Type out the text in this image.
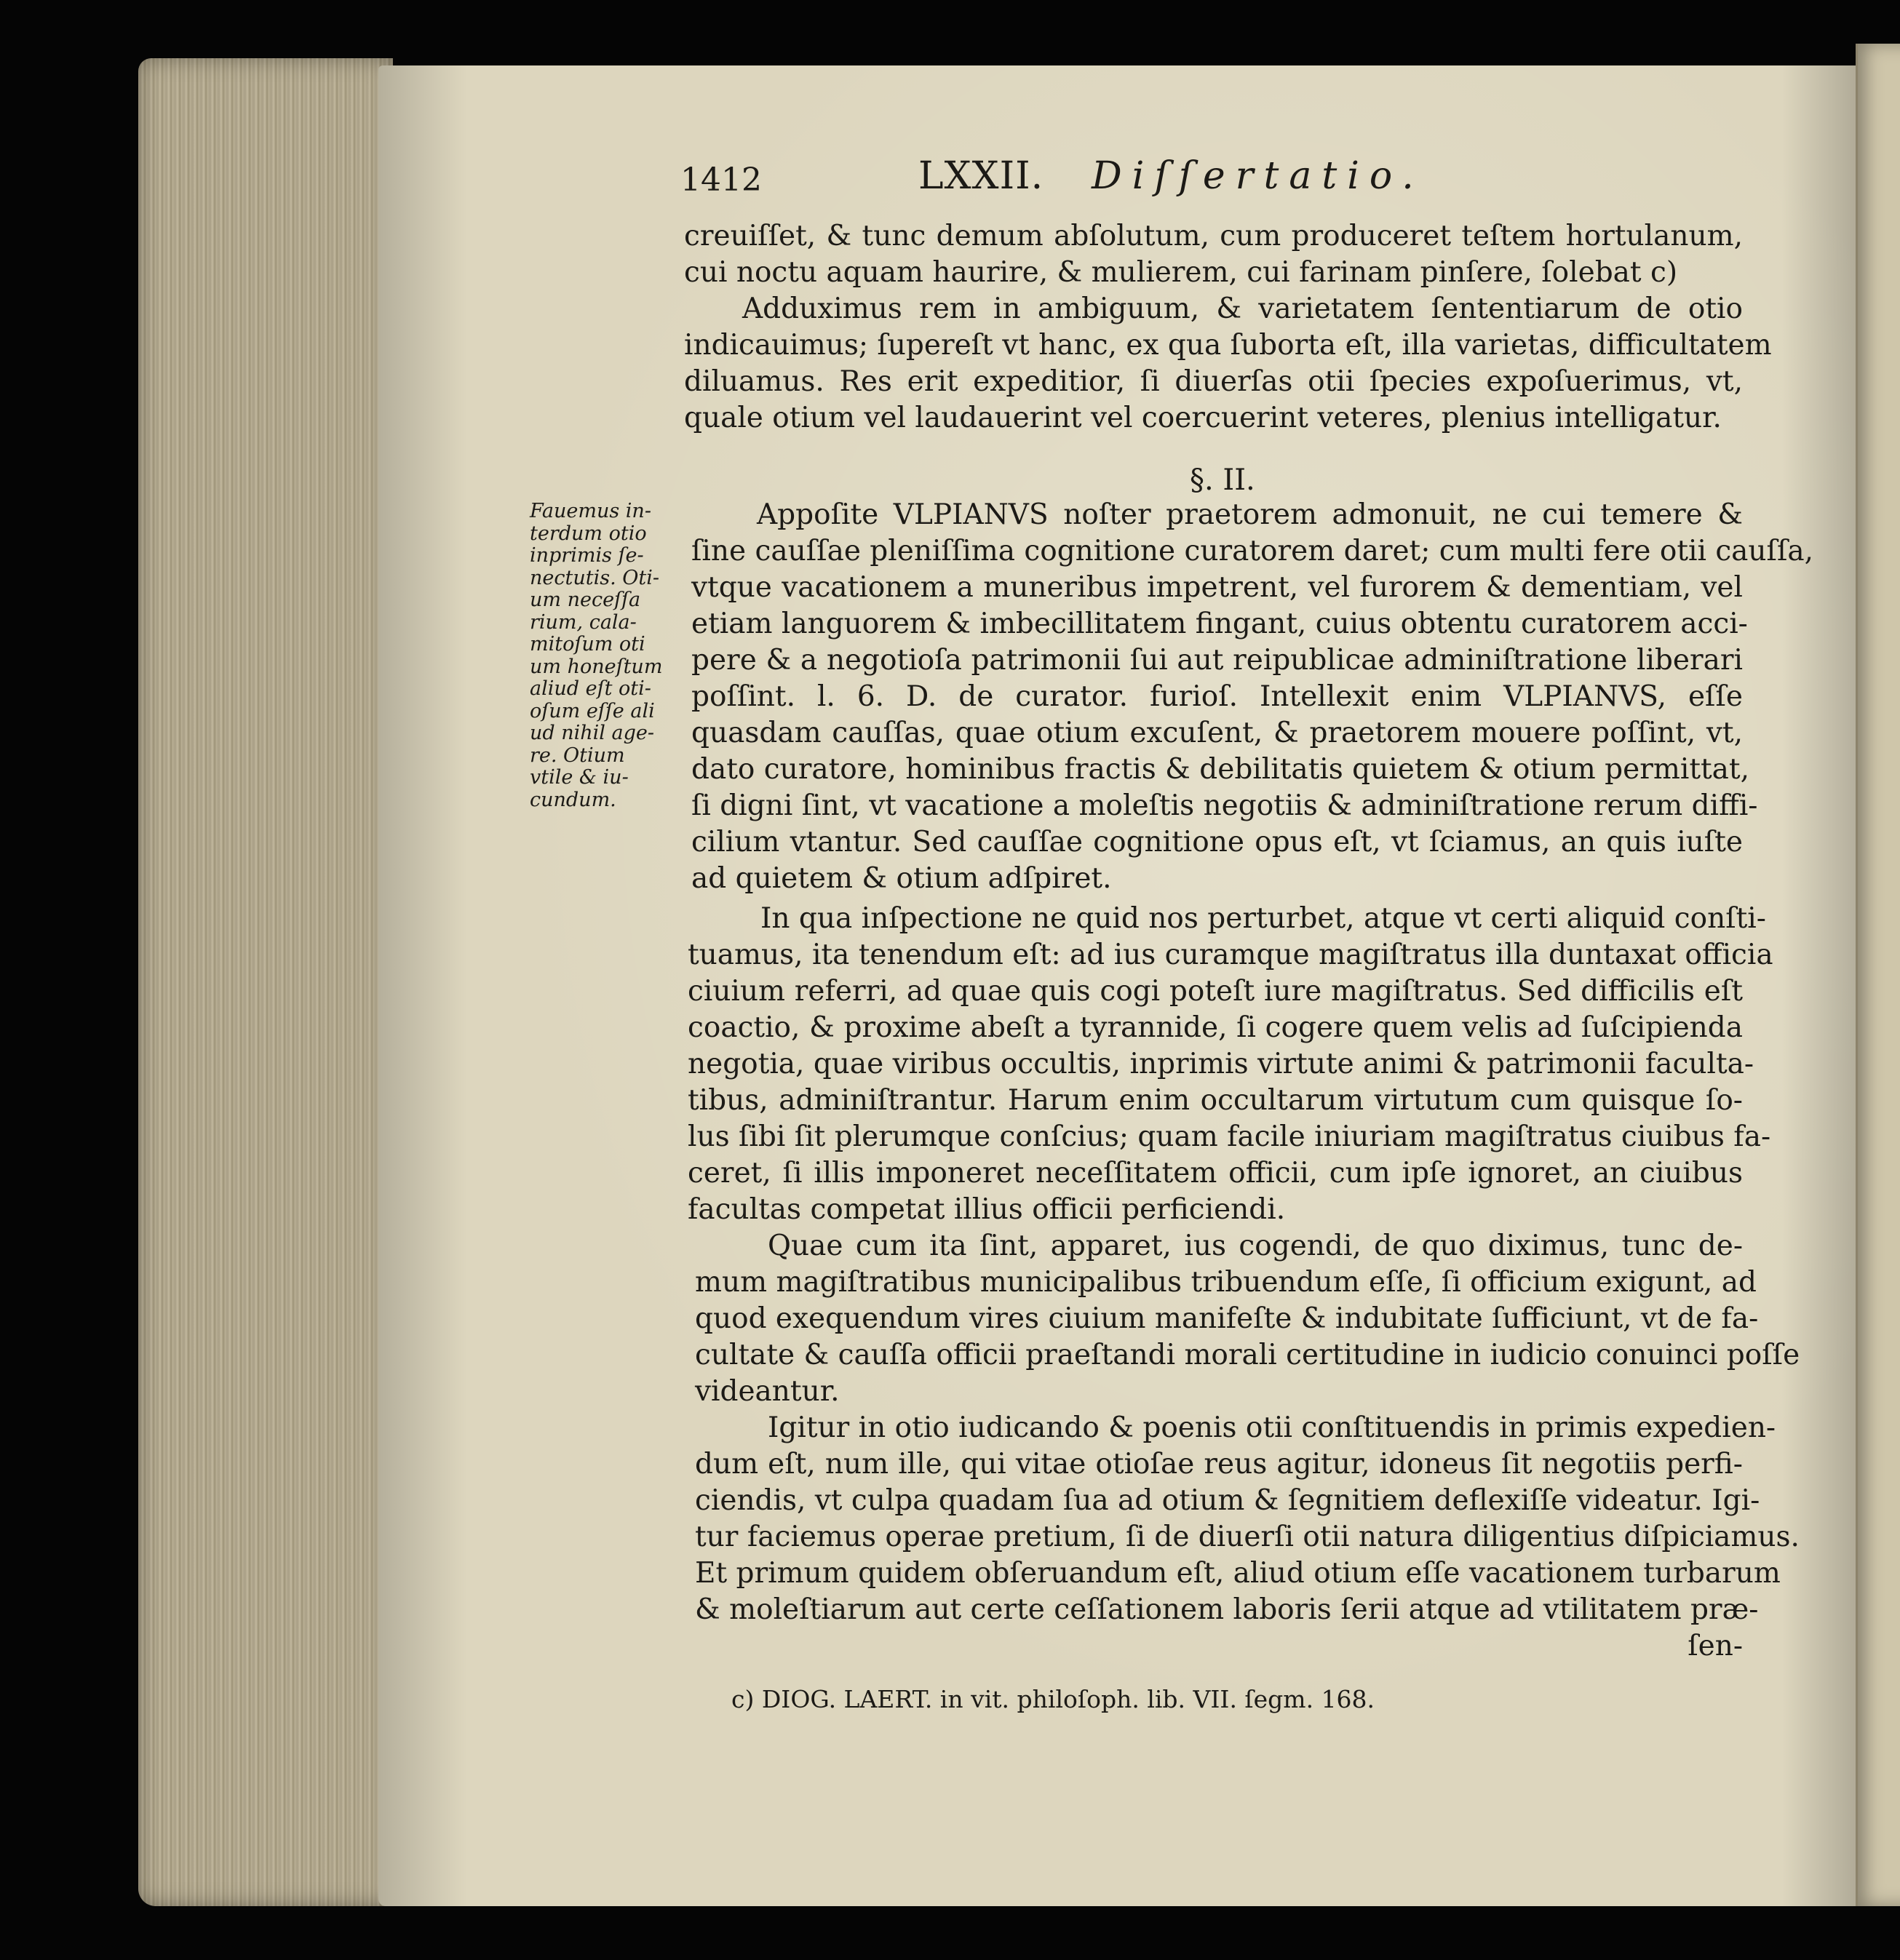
1412	LXXII. Diſſertatio.
creuiſſet, & tunc demum abſolutum, cum produceret teſtem hortulanum,
cui noctu aquam haurire, & mulierem, cui farinam pinſere, ſolebat c)
Adduximus rem in ambiguum, & varietatem ſententiarum de otio
indicauimus; ſupereſt vt hanc, ex qua ſuborta eſt, illa varietas, difficultatem
diluamus. Res erit expeditior, ſi diuerſas otii ſpecies expoſuerimus, vt,
quale otium vel laudauerint vel coercuerint veteres, plenius intelligatur.
§. II.
Fauemus in-
terdum otio
inprimis ſe-
nectutis. Oti-
um neceſſa
rium, cala-
mitoſum oti
um honeſtum
aliud eſt oti-
oſum eſſe ali
ud nihil age-
re. Otium
vtile & iu-
cundum.
Appoſite VLPIANVS noſter praetorem admonuit, ne cui temere &
ſine cauſſae pleniſſima cognitione curatorem daret; cum multi fere otii cauſſa,
vtque vacationem a muneribus impetrent, vel furorem & dementiam, vel
etiam languorem & imbecillitatem fingant, cuius obtentu curatorem acci-
pere & a negotioſa patrimonii ſui aut reipublicae adminiſtratione liberari
poſſint. l. 6. D. de curator. furioſ. Intellexit enim VLPIANVS, eſſe
quasdam cauſſas, quae otium excuſent, & praetorem mouere poſſint, vt,
dato curatore, hominibus fractis & debilitatis quietem & otium permittat,
ſi digni ſint, vt vacatione a moleſtis negotiis & adminiſtratione rerum diffi-
cilium vtantur. Sed cauſſae cognitione opus eſt, vt ſciamus, an quis iuſte
ad quietem & otium adſpiret.
In qua inſpectione ne quid nos perturbet, atque vt certi aliquid conſti-
tuamus, ita tenendum eſt: ad ius curamque magiſtratus illa duntaxat officia
ciuium referri, ad quae quis cogi poteſt iure magiſtratus. Sed difficilis eſt
coactio, & proxime abeſt a tyrannide, ſi cogere quem velis ad ſuſcipienda
negotia, quae viribus occultis, inprimis virtute animi & patrimonii faculta-
tibus, adminiſtrantur. Harum enim occultarum virtutum cum quisque ſo-
lus ſibi ſit plerumque conſcius; quam facile iniuriam magiſtratus ciuibus fa-
ceret, ſi illis imponeret neceſſitatem officii, cum ipſe ignoret, an ciuibus
facultas competat illius officii perficiendi.
Quae cum ita ſint, apparet, ius cogendi, de quo diximus, tunc de-
mum magiſtratibus municipalibus tribuendum eſſe, ſi officium exigunt, ad
quod exequendum vires ciuium manifeſte & indubitate ſufficiunt, vt de fa-
cultate & cauſſa officii praeſtandi morali certitudine in iudicio conuinci poſſe
videantur.
Igitur in otio iudicando & poenis otii conſtituendis in primis expedien-
dum eſt, num ille, qui vitae otioſae reus agitur, idoneus ſit negotiis perfi-
ciendis, vt culpa quadam ſua ad otium & ſegnitiem deflexiſſe videatur. Igi-
tur faciemus operae pretium, ſi de diuerſi otii natura diligentius diſpiciamus.
Et primum quidem obſeruandum eſt, aliud otium eſſe vacationem turbarum
& moleſtiarum aut certe ceſſationem laboris ſerii atque ad vtilitatem præ-
ſen-
c) DIOG. LAERT. in vit. philoſoph. lib. VII. ſegm. 168.
